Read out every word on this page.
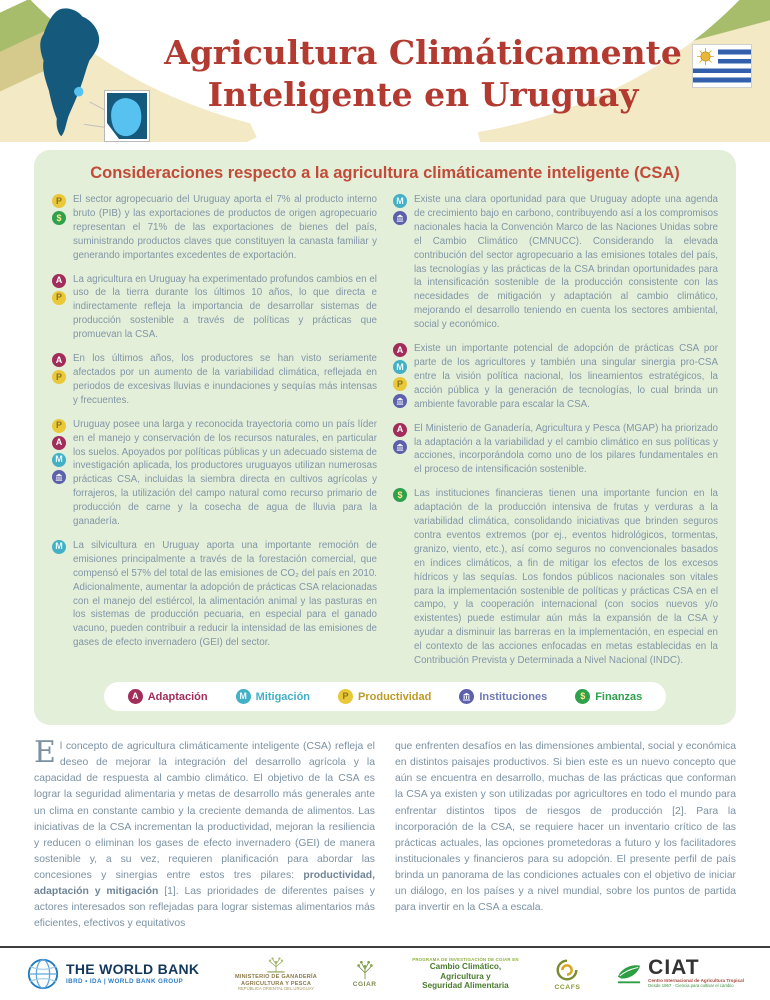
Agricultura Climáticamente
Inteligente en Uruguay
Consideraciones respecto a la agricultura climáticamente inteligente (CSA)
P
$

El sector agropecuario del Uruguay aporta el 7% al producto interno bruto (PIB) y las exportaciones de productos de origen agropecuario representan el 71% de las exportaciones de bienes del país, suministrando productos claves que constituyen la canasta familiar y generando importantes excedentes de exportación.

A
P

La agricultura en Uruguay ha experimentado profundos cambios en el uso de la tierra durante los últimos 10 años, lo que directa e indirectamente refleja la importancia de desarrollar sistemas de producción sostenible a través de políticas y prácticas que promuevan la CSA.

A
P

En los últimos años, los productores se han visto seriamente afectados por un aumento de la variabilidad climática, reflejada en periodos de excesivas lluvias e inundaciones y sequías más intensas y frecuentes.

P
A
M

Uruguay posee una larga y reconocida trayectoria como un país líder en el manejo y conservación de los recursos naturales, en particular los suelos. Apoyados por políticas públicas y un adecuado sistema de investigación aplicada, los productores uruguayos utilizan numerosas prácticas CSA, incluidas la siembra directa en cultivos agrícolas y forrajeros, la utilización del campo natural como recurso primario de producción de carne y la cosecha de agua de lluvia para la ganadería.

M	La silvicultura en Uruguay aporta una importante remoción de emisiones principalmente a través de la forestación comercial, que compensó el 57% del total de las emisiones de CO₂ del país en 2010. Adicionalmente, aumentar la adopción de prácticas CSA relacionadas con el manejo del estiércol, la alimentación animal y las pasturas en los sistemas de producción pecuaria, en especial para el ganado vacuno, pueden contribuir a reducir la intensidad de las emisiones de gases de efecto invernadero (GEI) del sector.

M	Existe una clara oportunidad para que Uruguay adopte una agenda de crecimiento bajo en carbono, contribuyendo así a los compromisos nacionales hacia la Convención Marco de las Naciones Unidas sobre el Cambio Climático (CMNUCC). Considerando la elevada contribución del sector agropecuario a las emisiones totales del país, las tecnologías y las prácticas de la CSA brindan oportunidades para la intensificación sostenible de la producción consistente con las necesidades de mitigación y adaptación al cambio climático, mejorando el desarrollo teniendo en cuenta los sectores ambiental, social y económico.

A
M
P

Existe un importante potencial de adopción de prácticas CSA por parte de los agricultores y también una singular sinergia pro-CSA entre la visión política nacional, los lineamientos estratégicos, la acción pública y la generación de tecnologías, lo cual brinda un ambiente favorable para escalar la CSA.

A	El Ministerio de Ganadería, Agricultura y Pesca (MGAP) ha priorizado la adaptación a la variabilidad y el cambio climático en sus políticas y acciones, incorporándola como uno de los pilares fundamentales en el proceso de intensificación sostenible.

$	Las instituciones financieras tienen una importante funcion en la adaptación de la producción intensiva de frutas y verduras a la variabilidad climática, consolidando iniciativas que brinden seguros contra eventos extremos (por ej., eventos hidrológicos, tormentas, granizo, viento, etc.), así como seguros no convencionales basados en índices climáticos, a fin de mitigar los efectos de los excesos hídricos y las sequías. Los fondos públicos nacionales son vitales para la implementación sostenible de políticas y prácticas CSA en el campo, y la cooperación internacional (con socios nuevos y/o existentes) puede estimular aún más la expansión de la CSA y ayudar a disminuir las barreras en la implementación, en especial en el contexto de las acciones enfocadas en metas establecidas en la Contribución Prevista y Determinada a Nivel Nacional (INDC).

A Adaptación	M Mitigación	P Productividad	Instituciones	$ Finanzas

El concepto de agricultura climáticamente inteligente (CSA) refleja el deseo de mejorar la integración del desarrollo agrícola y la capacidad de respuesta al cambio climático. El objetivo de la CSA es lograr la seguridad alimentaria y metas de desarrollo más generales ante un clima en constante cambio y la creciente demanda de alimentos. Las iniciativas de la CSA incrementan la productividad, mejoran la resiliencia y reducen o eliminan los gases de efecto invernadero (GEI) de manera sostenible y, a su vez, requieren planificación para abordar las concesiones y sinergias entre estos tres pilares: productividad, adaptación y mitigación [1]. Las prioridades de diferentes países y actores interesados son reflejadas para lograr sistemas alimentarios más eficientes, efectivos y equitativos

que enfrenten desafíos en las dimensiones ambiental, social y económica en distintos paisajes productivos. Si bien este es un nuevo concepto que aún se encuentra en desarrollo, muchas de las prácticas que conforman la CSA ya existen y son utilizadas por agricultores en todo el mundo para enfrentar distintos tipos de riesgos de producción [2]. Para la incorporación de la CSA, se requiere hacer un inventario crítico de las prácticas actuales, las opciones prometedoras a futuro y los facilitadores institucionales y financieros para su adopción. El presente perfil de país brinda un panorama de las condiciones actuales con el objetivo de iniciar un diálogo, en los países y a nivel mundial, sobre los puntos de partida para invertir en la CSA a escala.

THE WORLD BANK
IBRD • IDA | WORLD BANK GROUP
MINISTERIO DE GANADERÍA
AGRICULTURA Y PESCA
REPÚBLICA ORIENTAL DEL URUGUAY
CGIAR
PROGRAMA DE INVESTIGACIÓN DE CGIAR EN
Cambio Climático,
Agricultura y
Seguridad Alimentaria	CCAFS
CIAT
Centro Internacional de Agricultura Tropical
Desde 1967 · Ciencia para cultivar el cambio
